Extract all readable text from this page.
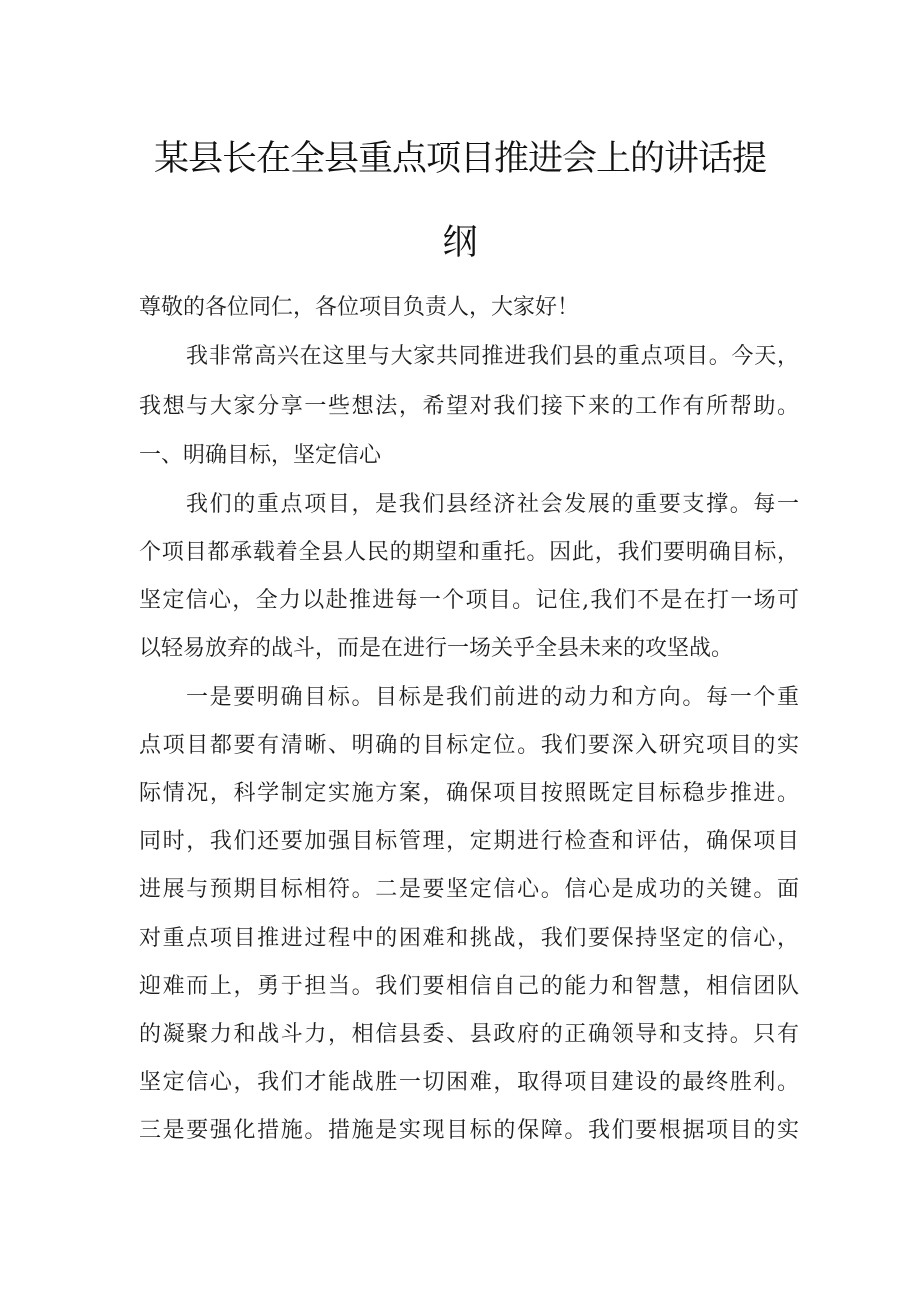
某县长在全县重点项目推进会上的讲话提
纲
尊敬的各位同仁，各位项目负责人，大家好！
我非常高兴在这里与大家共同推进我们县的重点项目。今天，
我想与大家分享一些想法，希望对我们接下来的工作有所帮助。
一、明确目标，坚定信心
我们的重点项目，是我们县经济社会发展的重要支撑。每一
个项目都承载着全县人民的期望和重托。因此，我们要明确目标，
坚定信心，全力以赴推进每一个项目。记住,我们不是在打一场可
以轻易放弃的战斗，而是在进行一场关乎全县未来的攻坚战。
一是要明确目标。目标是我们前进的动力和方向。每一个重
点项目都要有清晰、明确的目标定位。我们要深入研究项目的实
际情况，科学制定实施方案，确保项目按照既定目标稳步推进。
同时，我们还要加强目标管理，定期进行检查和评估，确保项目
进展与预期目标相符。二是要坚定信心。信心是成功的关键。面
对重点项目推进过程中的困难和挑战，我们要保持坚定的信心，
迎难而上，勇于担当。我们要相信自己的能力和智慧，相信团队
的凝聚力和战斗力，相信县委、县政府的正确领导和支持。只有
坚定信心，我们才能战胜一切困难，取得项目建设的最终胜利。
三是要强化措施。措施是实现目标的保障。我们要根据项目的实
